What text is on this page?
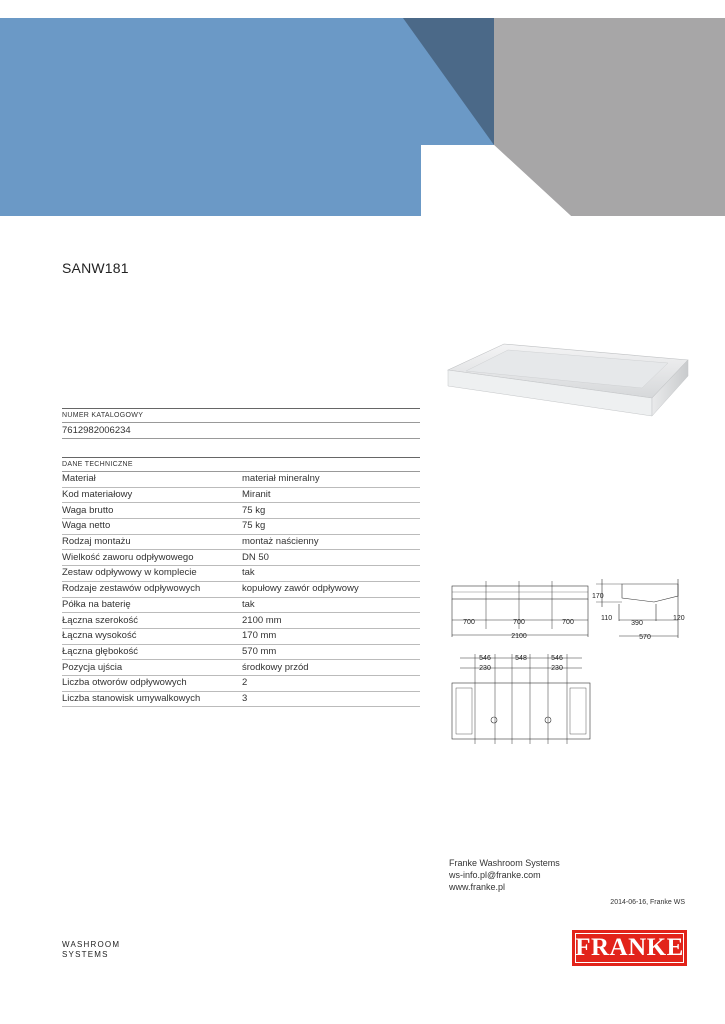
SANW181
NUMER KATALOGOWY
7612982006234
DANE TECHNICZNE
Materiał	materiał mineralny
Kod materiałowy	Miranit
Waga brutto	75 kg
Waga netto	75 kg
Rodzaj montażu	montaż naścienny
Wielkość zaworu odpływowego	DN 50
Zestaw odpływowy w komplecie	tak
Rodzaje zestawów odpływowych	kopułowy zawór odpływowy
Półka na baterię	tak
Łączna szerokość	2100 mm
Łączna wysokość	170 mm
Łączna głębokość	570 mm
Pozycja ujścia	środkowy przód
Liczba otworów odpływowych	2
Liczba stanowisk umywalkowych	3
700	700	700
2100
170
110
390
120
570
546	548	546
230	230
Franke Washroom Systems
ws-info.pl@franke.com
www.franke.pl
2014-06-16, Franke WS
WASHROOM
SYSTEMS	FRANKE
